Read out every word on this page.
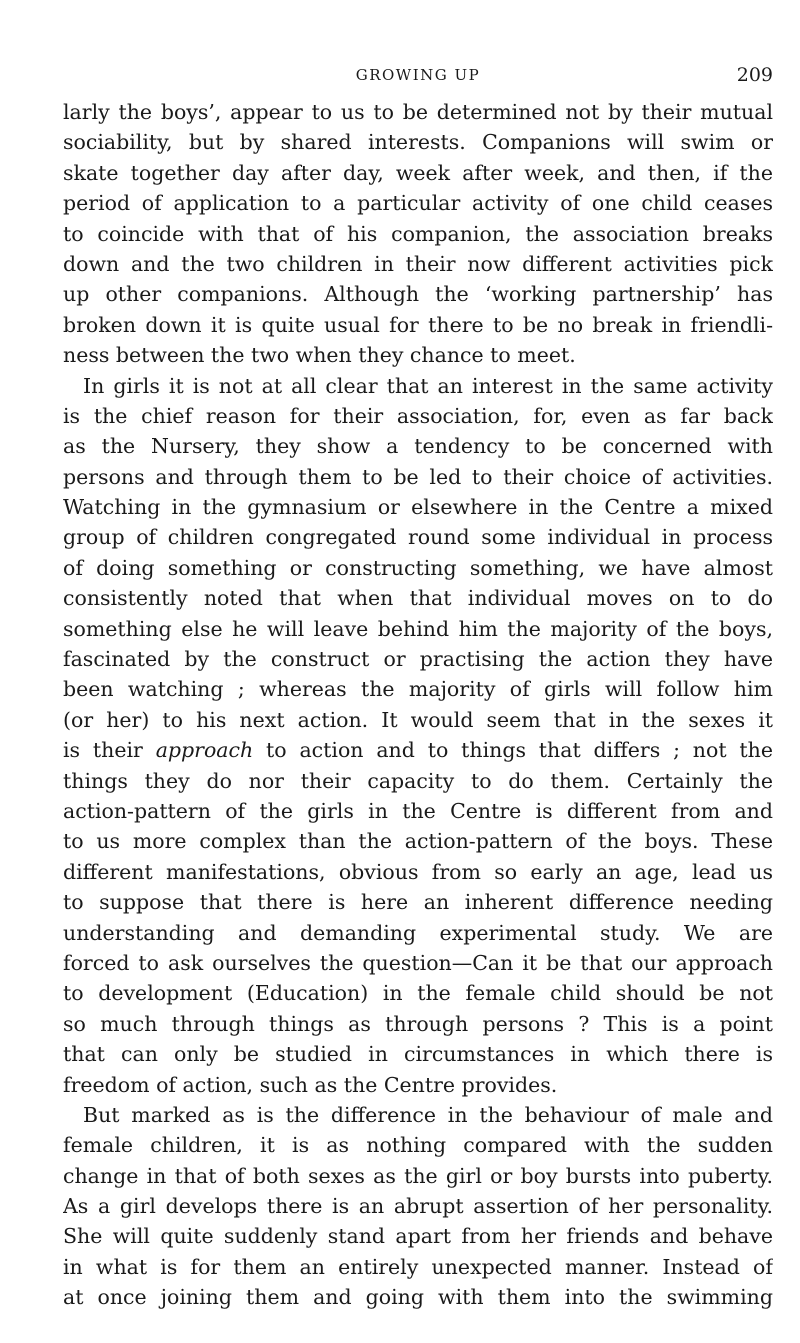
GROWING UP	209
larly the boys’, appear to us to be determined not by their mutual
sociability, but by shared interests. Companions will swim or
skate together day after day, week after week, and then, if the
period of application to a particular activity of one child ceases
to coincide with that of his companion, the association breaks
down and the two children in their now different activities pick
up other companions. Although the ‘working partnership’ has
broken down it is quite usual for there to be no break in friendli-
ness between the two when they chance to meet.
In girls it is not at all clear that an interest in the same activity
is the chief reason for their association, for, even as far back
as the Nursery, they show a tendency to be concerned with
persons and through them to be led to their choice of activities.
Watching in the gymnasium or elsewhere in the Centre a mixed
group of children congregated round some individual in process
of doing something or constructing something, we have almost
consistently noted that when that individual moves on to do
something else he will leave behind him the majority of the boys,
fascinated by the construct or practising the action they have
been watching ; whereas the majority of girls will follow him
(or her) to his next action. It would seem that in the sexes it
is their approach to action and to things that differs ; not the
things they do nor their capacity to do them. Certainly the
action-pattern of the girls in the Centre is different from and
to us more complex than the action-pattern of the boys. These
different manifestations, obvious from so early an age, lead us
to suppose that there is here an inherent difference needing
understanding and demanding experimental study. We are
forced to ask ourselves the question—Can it be that our approach
to development (Education) in the female child should be not
so much through things as through persons ? This is a point
that can only be studied in circumstances in which there is
freedom of action, such as the Centre provides.
But marked as is the difference in the behaviour of male and
female children, it is as nothing compared with the sudden
change in that of both sexes as the girl or boy bursts into puberty.
As a girl develops there is an abrupt assertion of her personality.
She will quite suddenly stand apart from her friends and behave
in what is for them an entirely unexpected manner. Instead of
at once joining them and going with them into the swimming
